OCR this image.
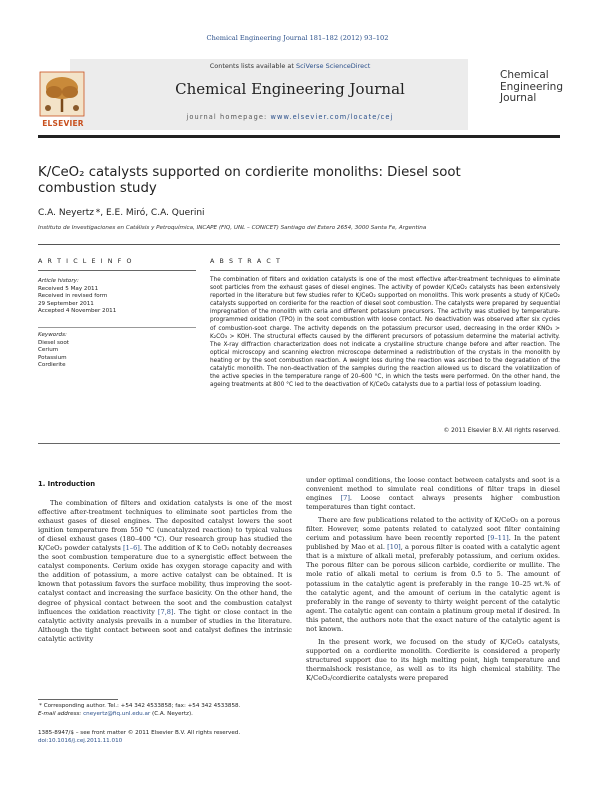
Chemical Engineering Journal 181–182 (2012) 93–102
ELSEVIER
Contents lists available at SciVerse ScienceDirect
Chemical Engineering Journal
journal homepage: www.elsevier.com/locate/cej
Chemical
Engineering
Journal
K/CeO₂ catalysts supported on cordierite monoliths: Diesel soot
combustion study
C.A. Neyertz *, E.E. Miró, C.A. Querini
Instituto de Investigaciones en Catálisis y Petroquímica, INCAPE (FIQ, UNL – CONICET) Santiago del Estero 2654, 3000 Santa Fe, Argentina
A R T I C L E I N F O	A B S T R A C T
Article history:
Received 5 May 2011
Received in revised form
29 September 2011
Accepted 4 November 2011
Keywords:
Diesel soot
Cerium
Potassium
Cordierite
The combination of filters and oxidation catalysts is one of the most effective after-treatment techniques to eliminate soot particles from the exhaust gases of diesel engines. The activity of powder K/CeO₂ catalysts has been extensively reported in the literature but few studies refer to K/CeO₂ supported on monoliths. This work presents a study of K/CeO₂ catalysts supported on cordierite for the reaction of diesel soot combustion. The catalysts were prepared by sequential impregnation of the monolith with ceria and different potassium precursors. The activity was studied by temperature-programmed oxidation (TPO) in the soot combustion with loose contact. No deactivation was observed after six cycles of combustion-soot charge. The activity depends on the potassium precursor used, decreasing in the order KNO₃ > K₂CO₃ > KOH. The structural effects caused by the different precursors of potassium determine the material activity. The X-ray diffraction characterization does not indicate a crystalline structure change before and after reaction. The optical microscopy and scanning electron microscope determined a redistribution of the crystals in the monolith by heating or by the soot combustion reaction. A weight loss during the reaction was ascribed to the degradation of the catalytic monolith. The non-deactivation of the samples during the reaction allowed us to discard the volatilization of the active species in the temperature range of 20–600 °C, in which the tests were performed. On the other hand, the ageing treatments at 800 °C led to the deactivation of K/CeO₂ catalysts due to a partial loss of potassium loading.
© 2011 Elsevier B.V. All rights reserved.
1. Introduction

The combination of filters and oxidation catalysts is one of the most effective after-treatment techniques to eliminate soot particles from the exhaust gases of diesel engines. The deposited catalyst lowers the soot ignition temperature from 550 °C (uncatalyzed reaction) to typical values of diesel exhaust gases (180–400 °C). Our research group has studied the K/CeO₂ powder catalysts [1–6]. The addition of K to CeO₂ notably decreases the soot combustion temperature due to a synergistic effect between the catalyst components. Cerium oxide has oxygen storage capacity and with the addition of potassium, a more active catalyst can be obtained. It is known that potassium favors the surface mobility, thus improving the soot-catalyst contact and increasing the surface basicity. On the other hand, the degree of physical contact between the soot and the combustion catalyst influences the oxidation reactivity [7,8]. The tight or close contact in the catalytic activity analysis prevails in a number of studies in the literature. Although the tight contact between soot and catalyst defines the intrinsic catalytic activity

under optimal conditions, the loose contact between catalysts and soot is a convenient method to simulate real conditions of filter traps in diesel engines [7]. Loose contact always presents higher combustion temperatures than tight contact.

There are few publications related to the activity of K/CeO₂ on a porous filter. However, some patents related to catalyzed soot filter containing cerium and potassium have been recently reported [9–11]. In the patent published by Mao et al. [10], a porous filter is coated with a catalytic agent that is a mixture of alkali metal, preferably potassium, and cerium oxides. The porous filter can be porous silicon carbide, cordierite or mullite. The mole ratio of alkali metal to cerium is from 0.5 to 5. The amount of potassium in the catalytic agent is preferably in the range 10–25 wt.% of the catalytic agent, and the amount of cerium in the catalytic agent is preferably in the range of seventy to thirty weight percent of the catalytic agent. The catalytic agent can contain a platinum group metal if desired. In this patent, the authors note that the exact nature of the catalytic agent is not known.

In the present work, we focused on the study of K/CeO₂ catalysts, supported on a cordierite monolith. Cordierite is considered a properly structured support due to its high melting point, high temperature and thermalshock resistance, as well as to its high chemical stability. The K/CeO₂/cordierite catalysts were prepared

 * Corresponding author. Tel.: +54 342 4533858; fax: +54 342 4533858.
E-mail address: cneyertz@fiq.unl.edu.ar (C.A. Neyertz).
1385-8947/$ – see front matter © 2011 Elsevier B.V. All rights reserved.
doi:10.1016/j.cej.2011.11.010
